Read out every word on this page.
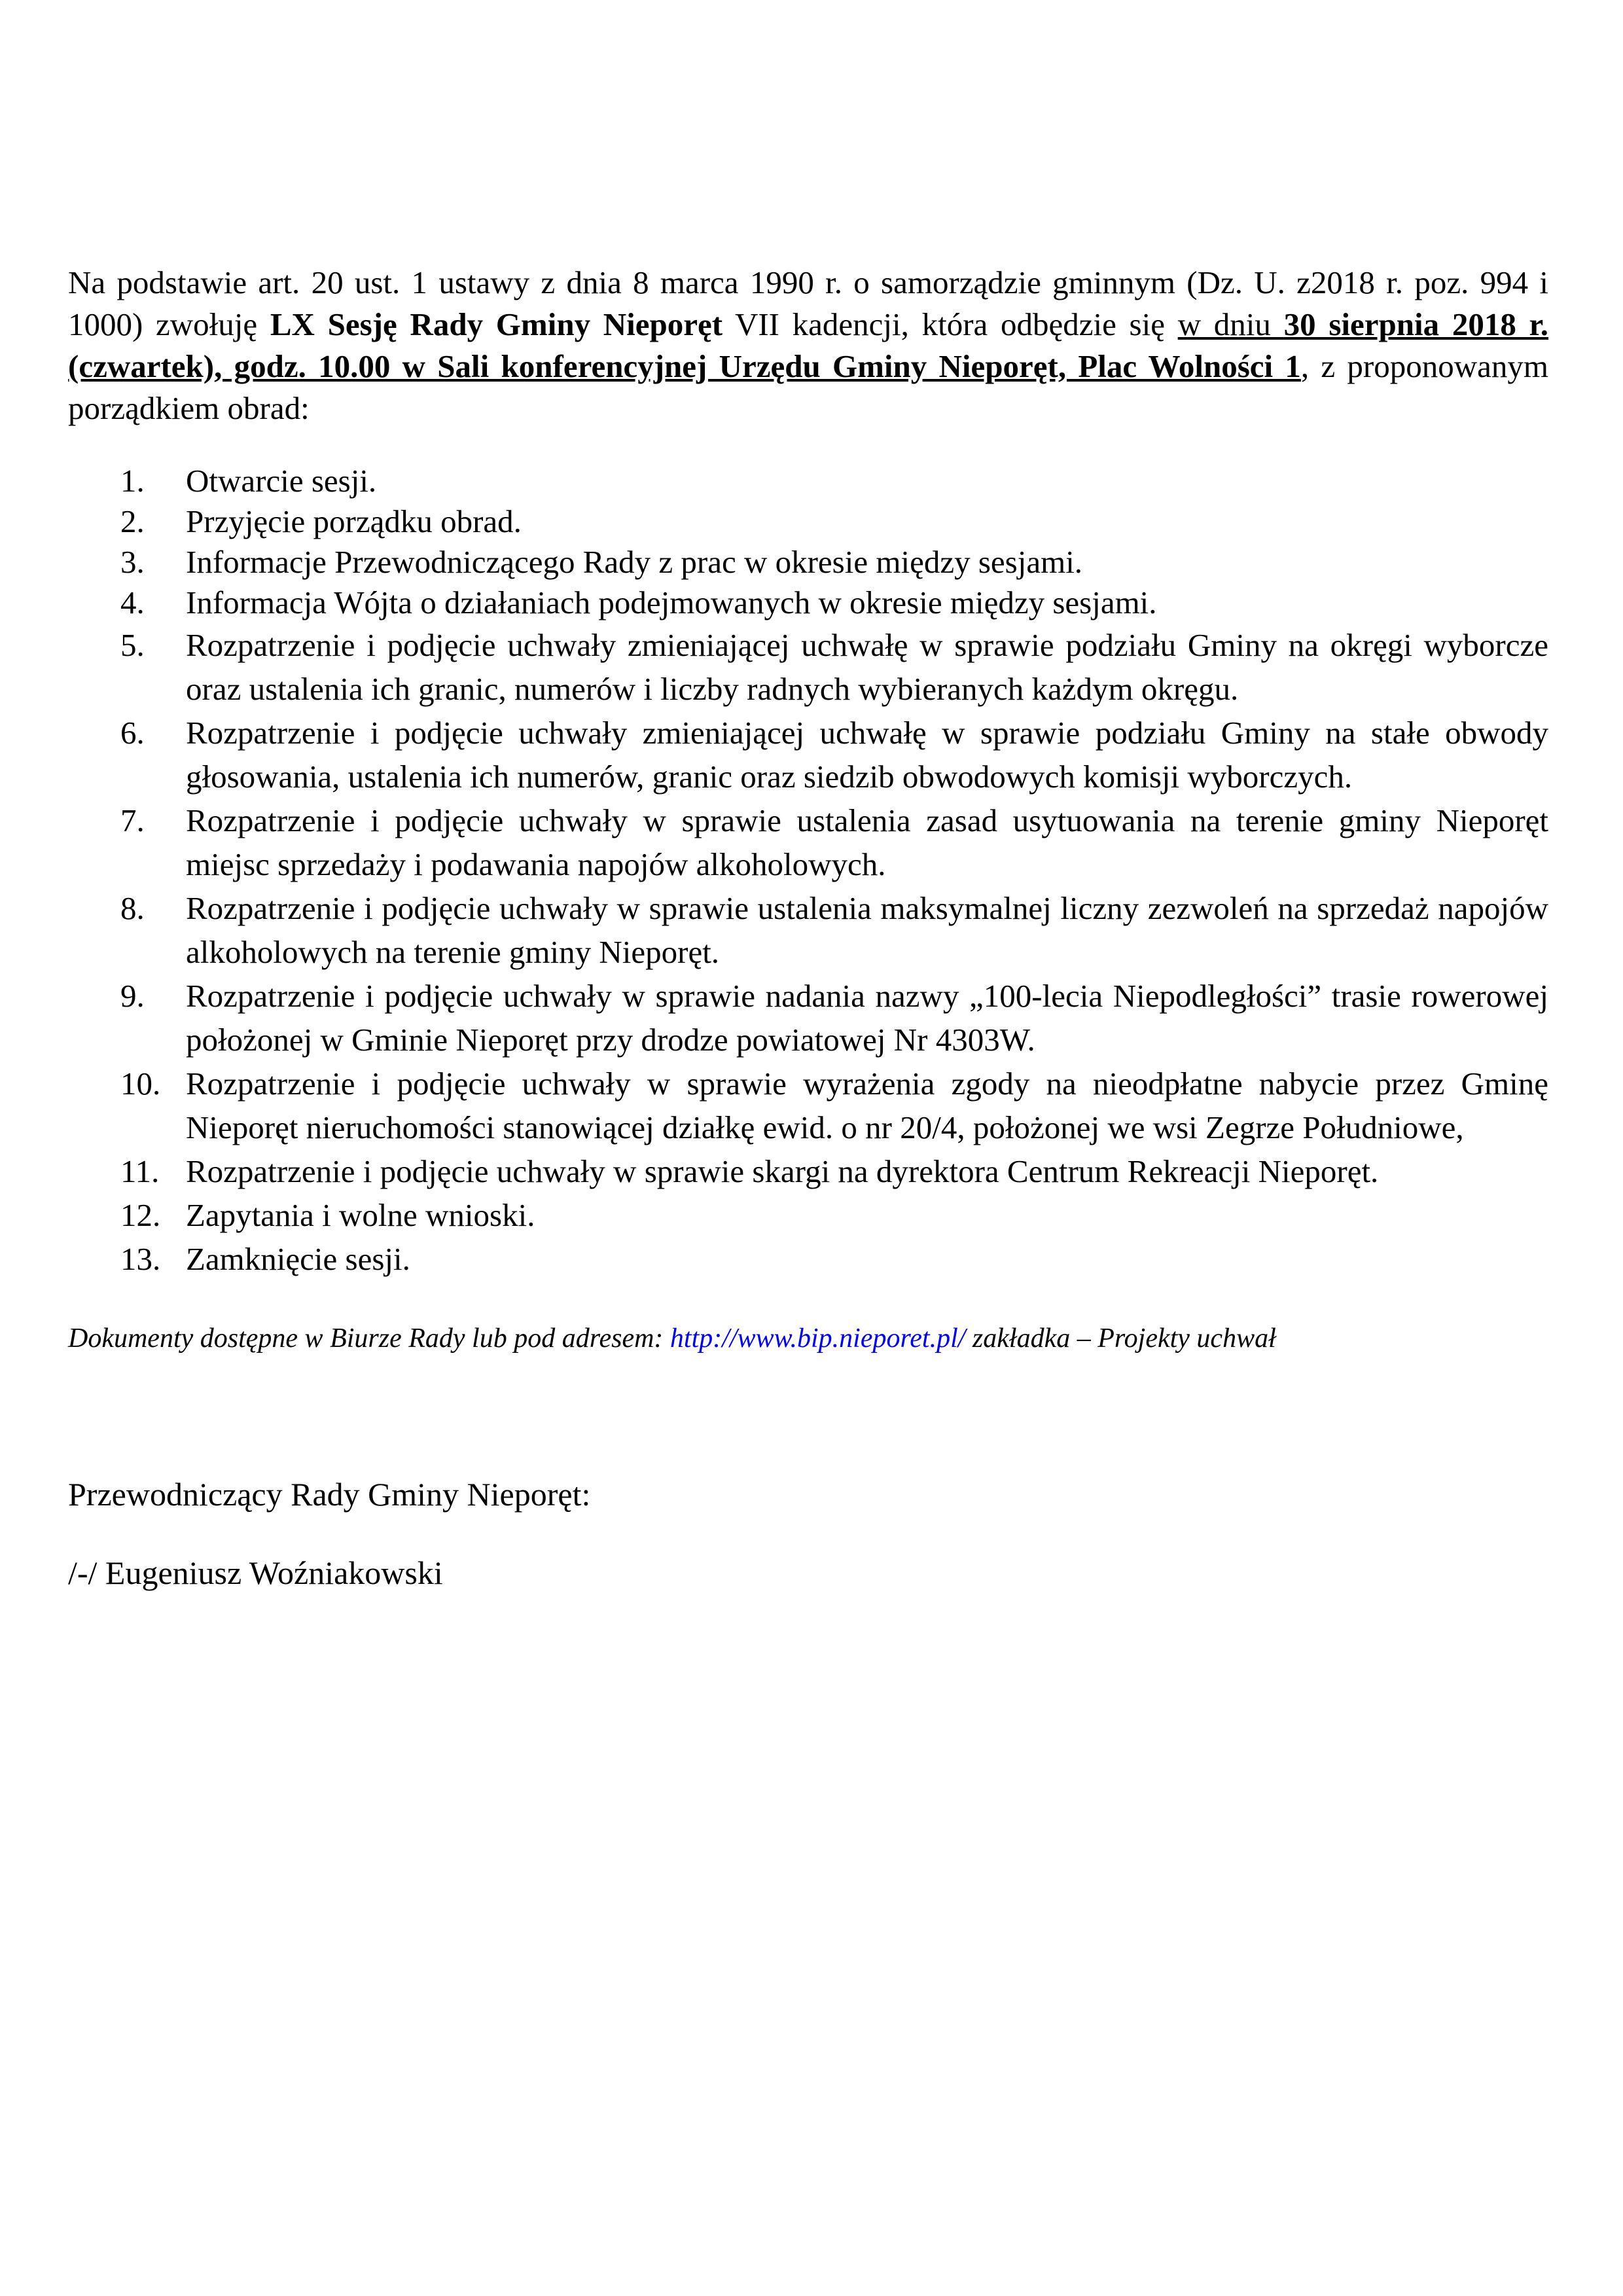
Na podstawie art. 20 ust. 1 ustawy z dnia 8 marca 1990 r. o samorządzie gminnym (Dz. U. z2018 r. poz. 994 i 1000) zwołuję LX Sesję Rady Gminy Nieporęt VII kadencji, która odbędzie się w dniu 30 sierpnia 2018 r. (czwartek), godz. 10.00 w Sali konferencyjnej Urzędu Gminy Nieporęt, Plac Wolności 1, z proponowanym porządkiem obrad:

1. Otwarcie sesji.
2. Przyjęcie porządku obrad.
3. Informacje Przewodniczącego Rady z prac w okresie między sesjami.
4. Informacja Wójta o działaniach podejmowanych w okresie między sesjami.
5. Rozpatrzenie i podjęcie uchwały zmieniającej uchwałę w sprawie podziału Gminy na okręgi wyborcze oraz ustalenia ich granic, numerów i liczby radnych wybieranych każdym okręgu.
6. Rozpatrzenie i podjęcie uchwały zmieniającej uchwałę w sprawie podziału Gminy na stałe obwody głosowania, ustalenia ich numerów, granic oraz siedzib obwodowych komisji wyborczych.
7. Rozpatrzenie i podjęcie uchwały w sprawie ustalenia zasad usytuowania na terenie gminy Nieporęt miejsc sprzedaży i podawania napojów alkoholowych.
8. Rozpatrzenie i podjęcie uchwały w sprawie ustalenia maksymalnej liczny zezwoleń na sprzedaż napojów alkoholowych na terenie gminy Nieporęt.
9. Rozpatrzenie i podjęcie uchwały w sprawie nadania nazwy „100-lecia Niepodległości” trasie rowerowej położonej w Gminie Nieporęt przy drodze powiatowej Nr 4303W.
10. Rozpatrzenie i podjęcie uchwały w sprawie wyrażenia zgody na nieodpłatne nabycie przez Gminę Nieporęt nieruchomości stanowiącej działkę ewid. o nr 20/4, położonej we wsi Zegrze Południowe,
11. Rozpatrzenie i podjęcie uchwały w sprawie skargi na dyrektora Centrum Rekreacji Nieporęt.
12. Zapytania i wolne wnioski.
13. Zamknięcie sesji.

Dokumenty dostępne w Biurze Rady lub pod adresem: http://www.bip.nieporet.pl/ zakładka – Projekty uchwał

Przewodniczący Rady Gminy Nieporęt:

/-/ Eugeniusz Woźniakowski
